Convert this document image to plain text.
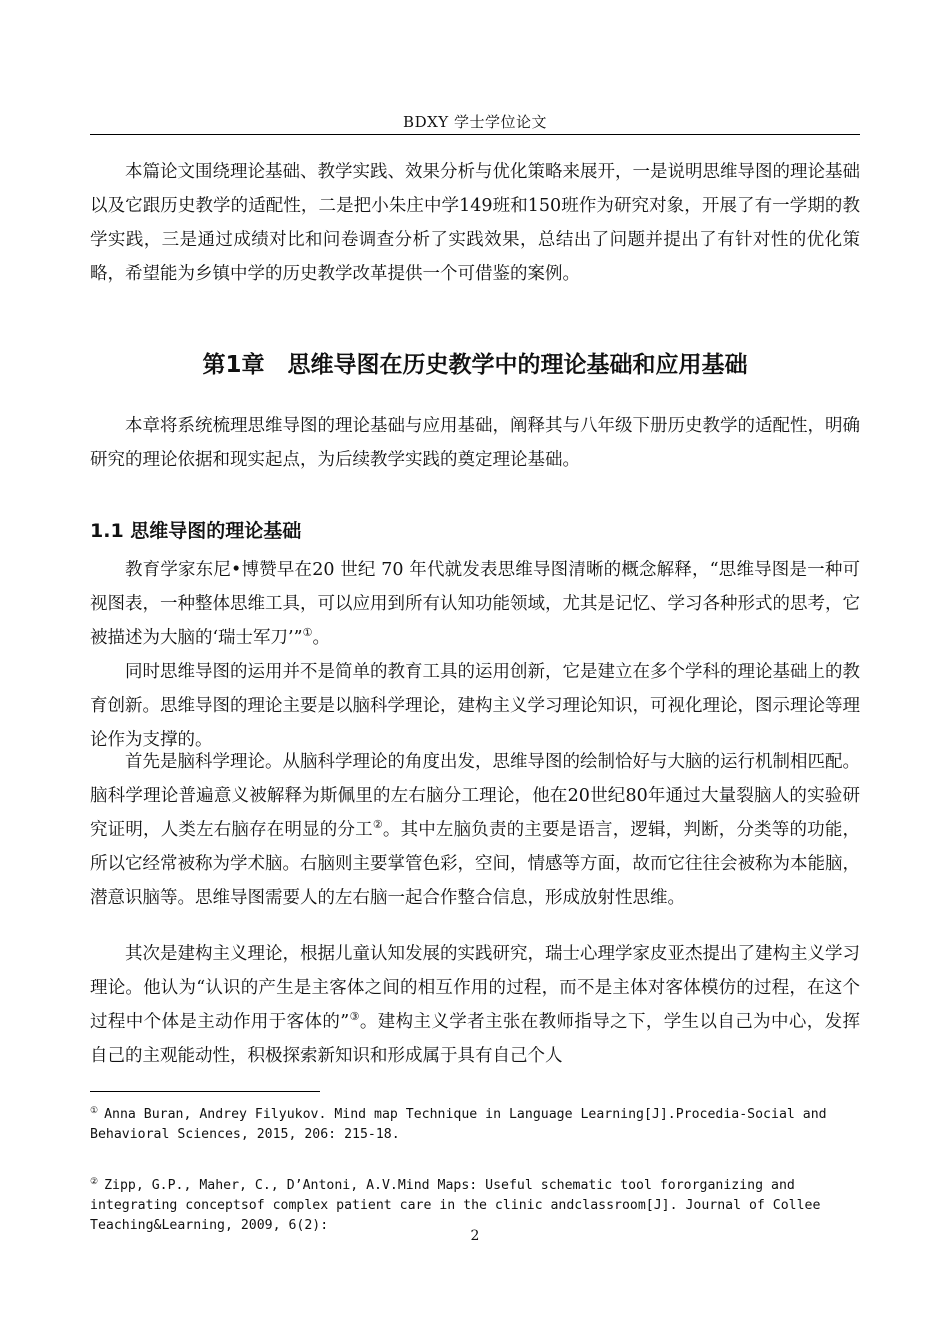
BDXY 学士学位论文

本篇论文围绕理论基础、教学实践、效果分析与优化策略来展开，一是说明思维导图的理论基础以及它跟历史教学的适配性，二是把小朱庄中学149班和150班作为研究对象，开展了有一学期的教学实践，三是通过成绩对比和问卷调查分析了实践效果，总结出了问题并提出了有针对性的优化策略，希望能为乡镇中学的历史教学改革提供一个可借鉴的案例。

第1章　思维导图在历史教学中的理论基础和应用基础

本章将系统梳理思维导图的理论基础与应用基础，阐释其与八年级下册历史教学的适配性，明确研究的理论依据和现实起点，为后续教学实践的奠定理论基础。

1.1 思维导图的理论基础

教育学家东尼•博赞早在20 世纪 70 年代就发表思维导图清晰的概念解释，“思维导图是一种可视图表，一种整体思维工具，可以应用到所有认知功能领域，尤其是记忆、学习各种形式的思考，它被描述为大脑的‘瑞士军刀’”①。

同时思维导图的运用并不是简单的教育工具的运用创新，它是建立在多个学科的理论基础上的教育创新。思维导图的理论主要是以脑科学理论，建构主义学习理论知识，可视化理论，图示理论等理论作为支撑的。

首先是脑科学理论。从脑科学理论的角度出发，思维导图的绘制恰好与大脑的运行机制相匹配。脑科学理论普遍意义被解释为斯佩里的左右脑分工理论，他在20世纪80年通过大量裂脑人的实验研究证明，人类左右脑存在明显的分工②。其中左脑负责的主要是语言，逻辑，判断，分类等的功能，所以它经常被称为学术脑。右脑则主要掌管色彩，空间，情感等方面，故而它往往会被称为本能脑，潜意识脑等。思维导图需要人的左右脑一起合作整合信息，形成放射性思维。

其次是建构主义理论，根据儿童认知发展的实践研究，瑞士心理学家皮亚杰提出了建构主义学习理论。他认为“认识的产生是主客体之间的相互作用的过程，而不是主体对客体模仿的过程，在这个过程中个体是主动作用于客体的”③。建构主义学者主张在教师指导之下，学生以自己为中心，发挥自己的主观能动性，积极探索新知识和形成属于具有自己个人

① Anna Buran, Andrey Filyukov. Mind map Technique in Language Learning[J].Procedia-Social and Behavioral Sciences, 2015, 206: 215-18.

② Zipp, G.P., Maher, C., D’Antoni, A.V.Mind Maps: Useful schematic tool fororganizing and integrating conceptsof complex patient care in the clinic andclassroom[J]. Journal of Collee Teaching&Learning, 2009, 6(2):

2
